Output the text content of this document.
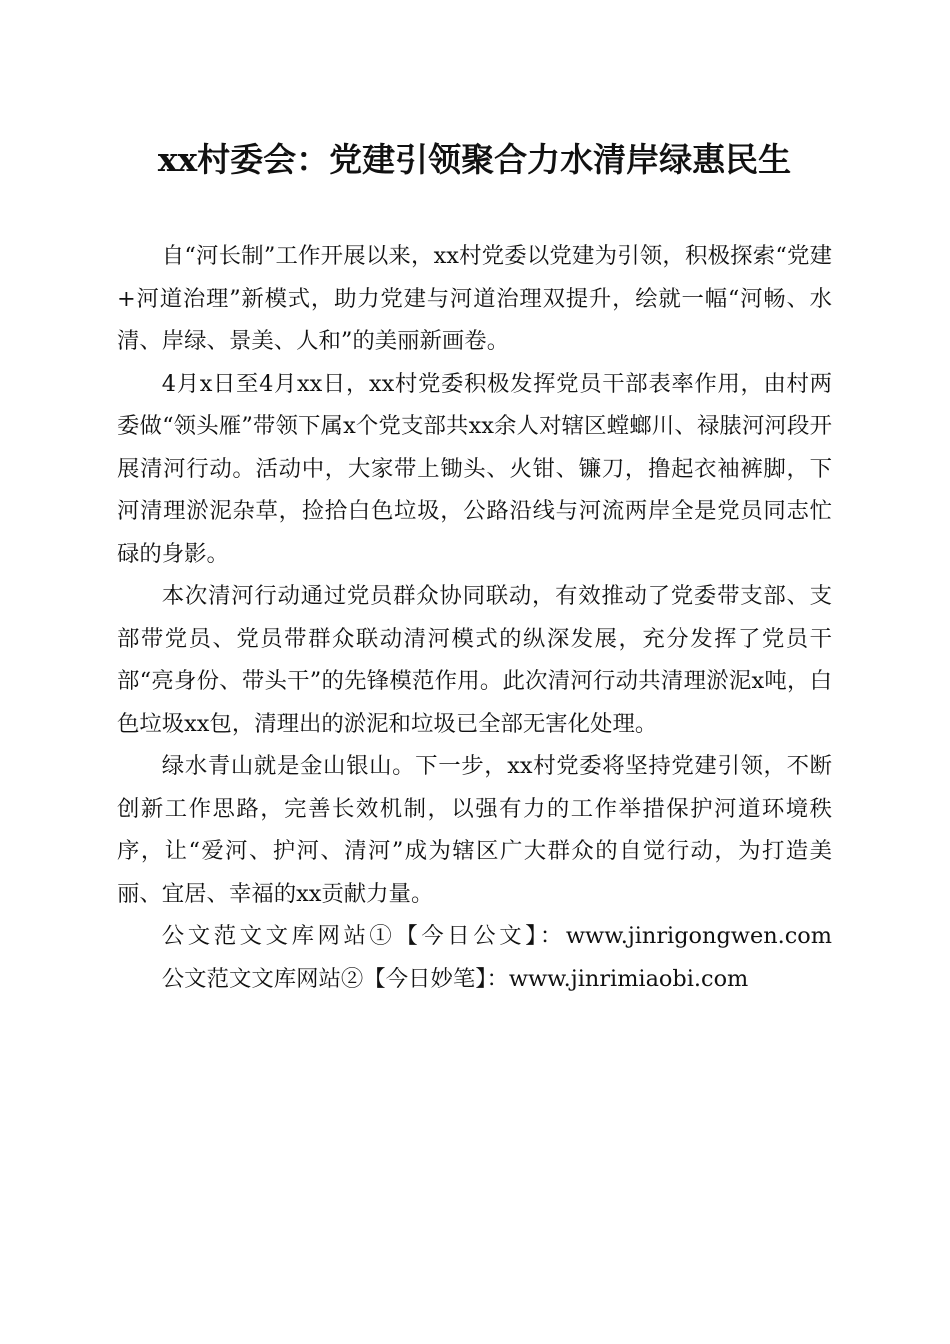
xx村委会：党建引领聚合力水清岸绿惠民生

自“河长制”工作开展以来，xx村党委以党建为引领，积极探索“党建+河道治理”新模式，助力党建与河道治理双提升，绘就一幅“河畅、水清、岸绿、景美、人和”的美丽新画卷。

4月x日至4月xx日，xx村党委积极发挥党员干部表率作用，由村两委做“领头雁”带领下属x个党支部共xx余人对辖区螳螂川、禄脿河河段开展清河行动。活动中，大家带上锄头、火钳、镰刀，撸起衣袖裤脚，下河清理淤泥杂草，捡拾白色垃圾，公路沿线与河流两岸全是党员同志忙碌的身影。

本次清河行动通过党员群众协同联动，有效推动了党委带支部、支部带党员、党员带群众联动清河模式的纵深发展，充分发挥了党员干部“亮身份、带头干”的先锋模范作用。此次清河行动共清理淤泥x吨，白色垃圾xx包，清理出的淤泥和垃圾已全部无害化处理。

绿水青山就是金山银山。下一步，xx村党委将坚持党建引领，不断创新工作思路，完善长效机制，以强有力的工作举措保护河道环境秩序，让“爱河、护河、清河”成为辖区广大群众的自觉行动，为打造美丽、宜居、幸福的xx贡献力量。

公文范文文库网站①【今日公文】：www.jinrigongwen.com

公文范文文库网站②【今日妙笔】：www.jinrimiaobi.com
